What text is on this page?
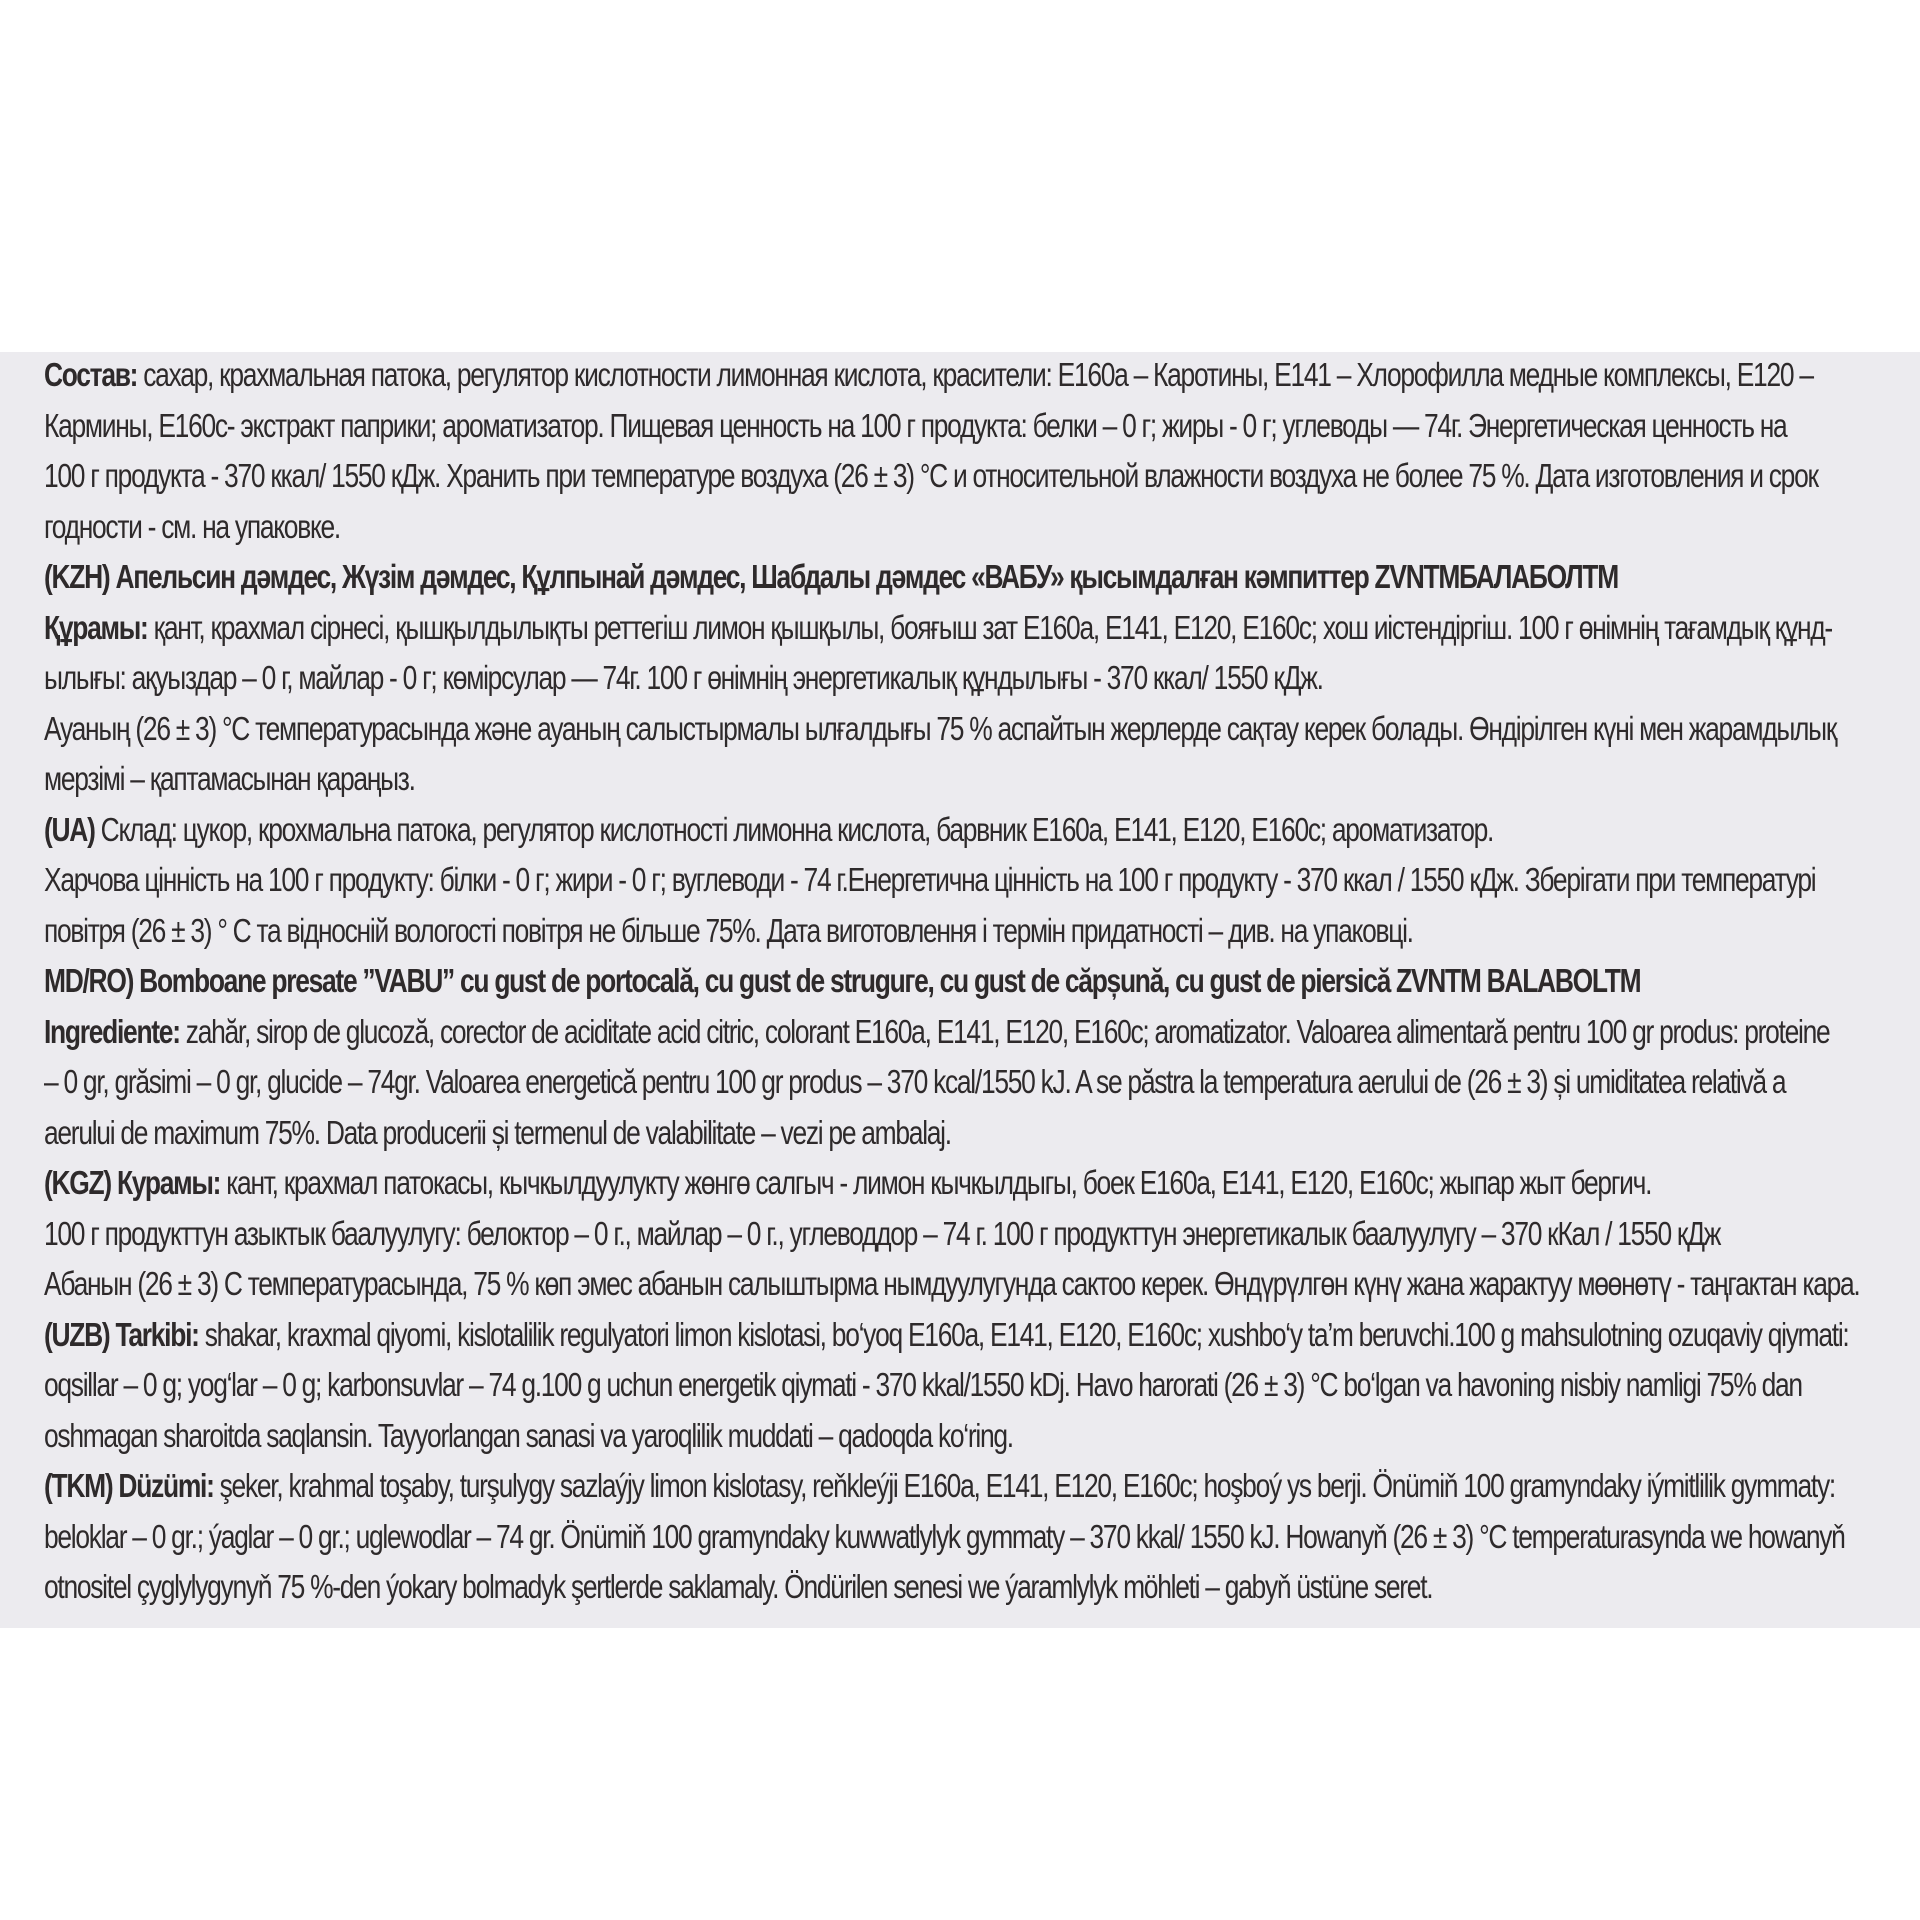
Состав: сахар, крахмальная патока, регулятор кислотности лимонная кислота, красители: Е160а – Каротины, Е141 – Хлорофилла медные комплексы, Е120 –
Кармины, Е160с- экстракт паприки; ароматизатор. Пищевая ценность на 100 г продукта: белки – 0 г; жиры - 0 г; углеводы — 74г. Энергетическая ценность на
100 г продукта - 370 ккал/ 1550 кДж. Хранить при температуре воздуха (26 ± 3) °С и относительной влажности воздуха не более 75 %. Дата изготовления и срок
годности - см. на упаковке.
(KZH) Апельсин дәмдес, Жүзім дәмдес, Құлпынай дәмдес, Шабдалы дәмдес «ВАБУ» қысымдалған кәмпиттер ZVNTМБАЛАБОЛТМ
Құрамы: қант, крахмал сірнесі, қышқылдылықты реттегіш лимон қышқылы, бояғыш зат Е160а, Е141, Е120, Е160с; хош иістендіргіш. 100 г өнімнің тағамдық құнд-
ылығы: ақуыздар – 0 г, майлар - 0 г; көмірсулар — 74г. 100 г өнімнің энергетикалық құндылығы - 370 ккал/ 1550 кДж.
Ауаның (26 ± 3) °С температурасында және ауаның салыстырмалы ылғалдығы 75 % аспайтын жерлерде сақтау керек болады. Өндірілген күні мен жарамдылық
мерзімі – қаптамасынан қараңыз.
(UA) Склад: цукор, крохмальна патока, регулятор кислотності лимонна кислота, барвник Е160а, Е141, Е120, Е160с; ароматизатор.
Харчова цінність на 100 г продукту: білки - 0 г; жири - 0 г; вуглеводи - 74 г.Енергетична цінність на 100 г продукту - 370 ккал / 1550 кДж. Зберігати при температурі
повітря (26 ± 3) ° С та відносній вологості повітря не більше 75%. Дата виготовлення і термін придатності – див. на упаковці.
MD/RO) Bomboane presate ”VABU” cu gust de portocală, cu gust de struguге, cu gust de căpșună, cu gust de piersică ZVNTM BALABOLTM
Ingrediente: zahăr, sirop de glucoză, corector de aciditate acid citric, colorant E160a, E141, E120, E160c; aromatizator. Valoarea alimentară pentru 100 gr produs: proteine
– 0 gr, grăsimi – 0 gr, glucide – 74gr. Valoarea energetică pentru 100 gr produs – 370 kcal/1550 kJ. A se păstra la temperatura aerului de (26 ± 3) și umiditatea relativă a
aerului de maximum 75%. Data producerii și termenul de valabilitate – vezi pe ambalaj.
(KGZ) Курамы: кант, крахмал патокасы, кычкылдуулукту жөнгө салгыч - лимон кычкылдыгы, боек Е160а, Е141, Е120, Е160с; жыпар жыт бергич.
100 г продукттун азыктык баалуулугу: белоктор – 0 г., майлар – 0 г., углеводдор – 74 г. 100 г продукттун энергетикалык баалуулугу – 370 кКал / 1550 кДж
Абанын (26 ± 3) С температурасында, 75 % көп эмес абанын салыштырма нымдуулугунда сактоо керек. Өндүрүлгөн күнү жана жарактуу мөөнөтү - таңгактан кара.
(UZB) Tarkibi: shakar, kraxmal qiyomi, kislotalilik regulyatori limon kislotasi, bo‘yoq E160a, E141, E120, E160c; xushbo‘y ta’m beruvchi.100 g mahsulotning ozuqaviy qiymati:
oqsillar – 0 g; yog‘lar – 0 g; karbonsuvlar – 74 g.100 g uchun energetik qiymati - 370 kkal/1550 kDj. Havo harorati (26 ± 3) °C bo‘lgan va havoning nisbiy namligi 75% dan
oshmagan sharoitda saqlansin. Tayyorlangan sanasi va yaroqlilik muddati – qadoqda ko‘ring.
(TKM) Düzümi: şeker, krahmal toşaby, turşulygy sazlaýjy limon kislotasy, reňkleýji E160a, E141, E120, E160c; hoşboý ys berji. Önümiň 100 gramyndaky iýmitlilik gymmaty:
beloklar – 0 gr.; ýaglar – 0 gr.; uglewodlar – 74 gr. Önümiň 100 gramyndaky kuwwatlylyk gymmaty – 370 kkal/ 1550 kJ. Howanyň (26 ± 3) °C temperaturasynda we howanyň
otnositel çyglylygynyň 75 %-den ýokary bolmadyk şertlerde saklamaly. Öndürilen senesi we ýaramlylyk möhleti – gabyň üstüne seret.
